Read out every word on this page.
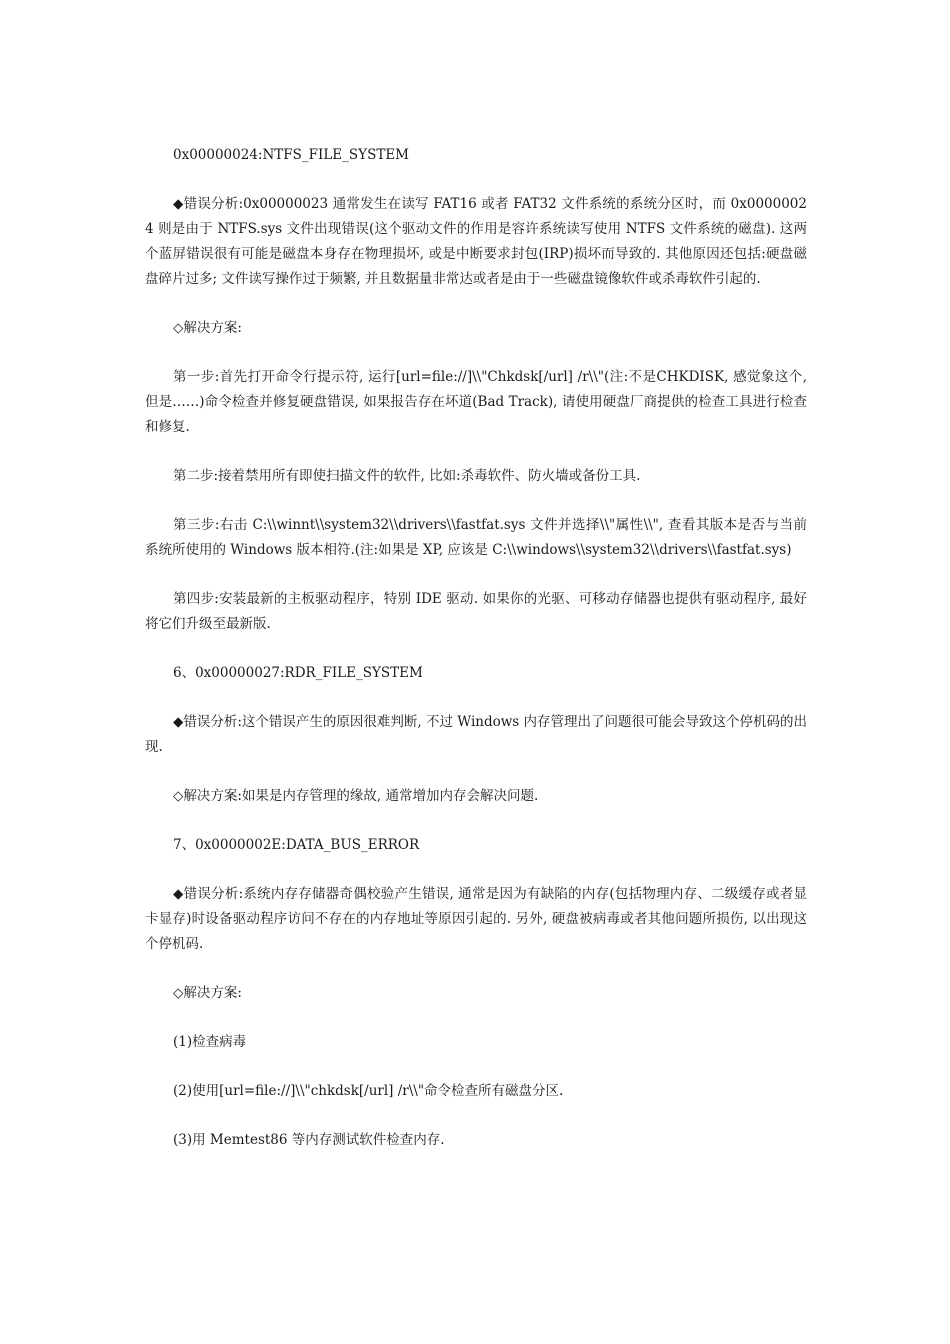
0x00000024:NTFS_FILE_SYSTEM

◆错误分析:0x00000023 通常发生在读写 FAT16 或者 FAT32 文件系统的系统分区时，而 0x00000024 则是由于 NTFS.sys 文件出现错误(这个驱动文件的作用是容许系统读写使用 NTFS 文件系统的磁盘). 这两个蓝屏错误很有可能是磁盘本身存在物理损坏, 或是中断要求封包(IRP)损坏而导致的. 其他原因还包括:硬盘磁盘碎片过多; 文件读写操作过于频繁, 并且数据量非常达或者是由于一些磁盘镜像软件或杀毒软件引起的.

◇解决方案:

第一步:首先打开命令行提示符, 运行[url=file://]\\"Chkdsk[/url] /r\\"(注:不是CHKDISK, 感觉象这个, 但是……)命令检查并修复硬盘错误, 如果报告存在坏道(Bad Track), 请使用硬盘厂商提供的检查工具进行检查和修复.

第二步:接着禁用所有即使扫描文件的软件, 比如:杀毒软件、防火墙或备份工具.

第三步:右击 C:\\winnt\\system32\\drivers\\fastfat.sys 文件并选择\\"属性\\", 查看其版本是否与当前系统所使用的 Windows 版本相符.(注:如果是 XP, 应该是 C:\\windows\\system32\\drivers\\fastfat.sys)

第四步:安装最新的主板驱动程序，特别 IDE 驱动. 如果你的光驱、可移动存储器也提供有驱动程序, 最好将它们升级至最新版.

6、0x00000027:RDR_FILE_SYSTEM

◆错误分析:这个错误产生的原因很难判断, 不过 Windows 内存管理出了问题很可能会导致这个停机码的出现.

◇解决方案:如果是内存管理的缘故, 通常增加内存会解决问题.

7、0x0000002E:DATA_BUS_ERROR

◆错误分析:系统内存存储器奇偶校验产生错误, 通常是因为有缺陷的内存(包括物理内存、二级缓存或者显卡显存)时设备驱动程序访问不存在的内存地址等原因引起的. 另外, 硬盘被病毒或者其他问题所损伤, 以出现这个停机码.

◇解决方案:

(1)检查病毒

(2)使用[url=file://]\\"chkdsk[/url] /r\\"命令检查所有磁盘分区.

(3)用 Memtest86 等内存测试软件检查内存.
